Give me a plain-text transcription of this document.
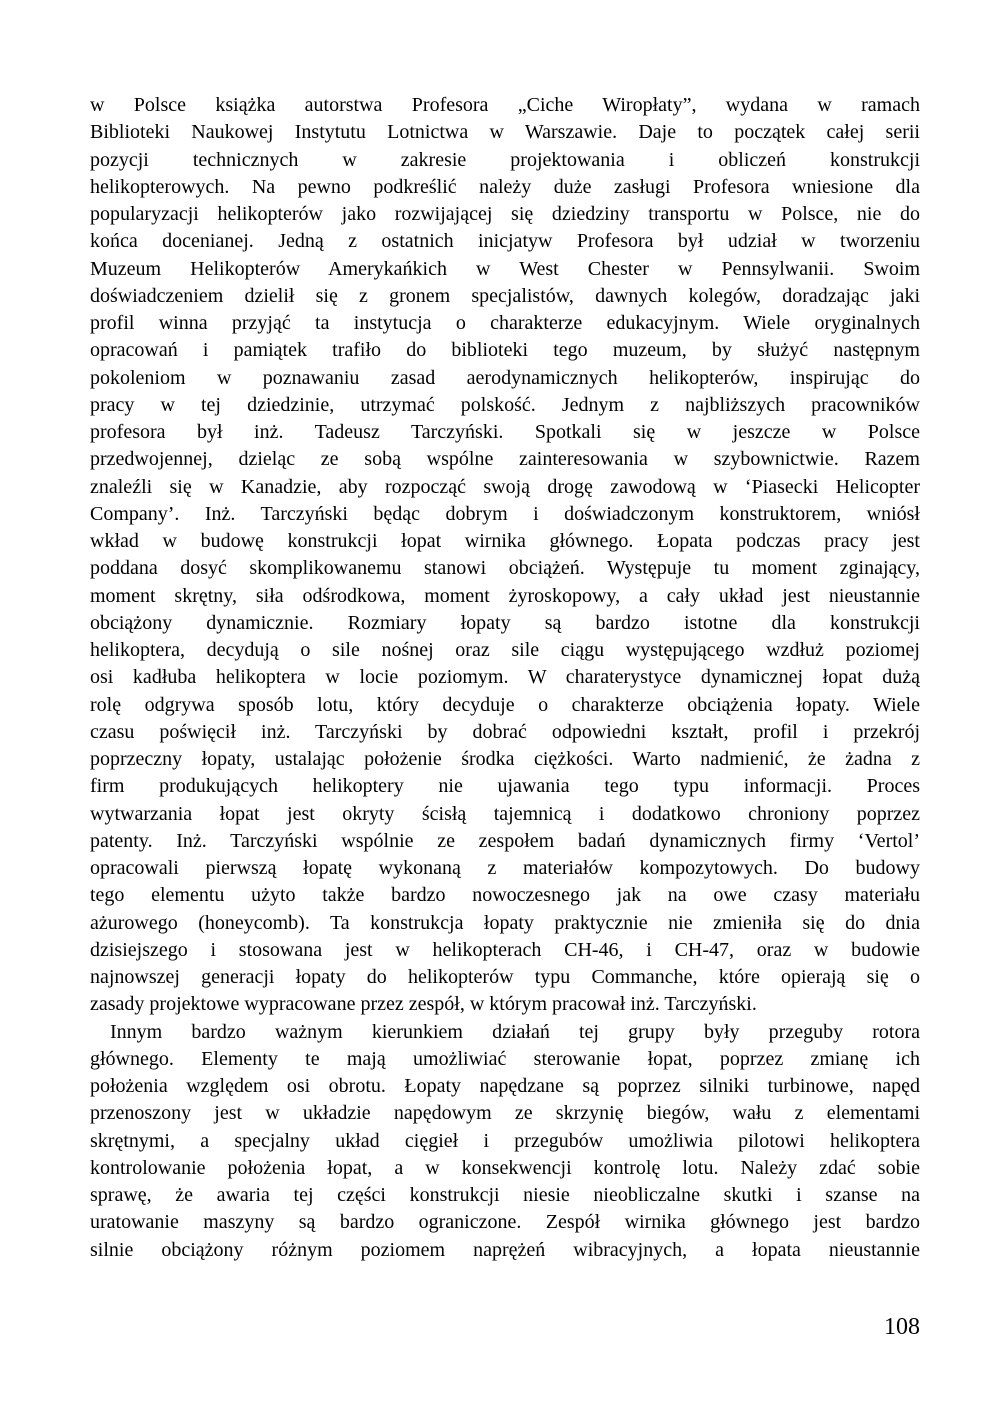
w Polsce książka autorstwa Profesora „Ciche Wiropłaty”, wydana w ramach
Biblioteki Naukowej Instytutu Lotnictwa w Warszawie. Daje to początek całej serii
pozycji technicznych w zakresie projektowania i obliczeń konstrukcji
helikopterowych. Na pewno podkreślić należy duże zasługi Profesora wniesione dla
popularyzacji helikopterów jako rozwijającej się dziedziny transportu w Polsce, nie do
końca docenianej. Jedną z ostatnich inicjatyw Profesora był udział w tworzeniu
Muzeum Helikopterów Amerykańkich w West Chester w Pennsylwanii. Swoim
doświadczeniem dzielił się z gronem specjalistów, dawnych kolegów, doradzając jaki
profil winna przyjąć ta instytucja o charakterze edukacyjnym. Wiele oryginalnych
opracowań i pamiątek trafiło do biblioteki tego muzeum, by służyć następnym
pokoleniom w poznawaniu zasad aerodynamicznych helikopterów, inspirując do
pracy w tej dziedzinie, utrzymać polskość. Jednym z najbliższych pracowników
profesora był inż. Tadeusz Tarczyński. Spotkali się w jeszcze w Polsce
przedwojennej, dzieląc ze sobą wspólne zainteresowania w szybownictwie. Razem
znaleźli się w Kanadzie, aby rozpocząć swoją drogę zawodową w ‘Piasecki Helicopter
Company’. Inż. Tarczyński będąc dobrym i doświadczonym konstruktorem, wniósł
wkład w budowę konstrukcji łopat wirnika głównego. Łopata podczas pracy jest
poddana dosyć skomplikowanemu stanowi obciążeń. Występuje tu moment zginający,
moment skrętny, siła odśrodkowa, moment żyroskopowy, a cały układ jest nieustannie
obciążony dynamicznie. Rozmiary łopaty są bardzo istotne dla konstrukcji
helikoptera, decydują o sile nośnej oraz sile ciągu występującego wzdłuż poziomej
osi kadłuba helikoptera w locie poziomym. W charaterystyce dynamicznej łopat dużą
rolę odgrywa sposób lotu, który decyduje o charakterze obciążenia łopaty. Wiele
czasu poświęcił inż. Tarczyński by dobrać odpowiedni kształt, profil i przekrój
poprzeczny łopaty, ustalając położenie środka ciężkości. Warto nadmienić, że żadna z
firm produkujących helikoptery nie ujawania tego typu informacji. Proces
wytwarzania łopat jest okryty ścisłą tajemnicą i dodatkowo chroniony poprzez
patenty. Inż. Tarczyński wspólnie ze zespołem badań dynamicznych firmy ‘Vertol’
opracowali pierwszą łopatę wykonaną z materiałów kompozytowych. Do budowy
tego elementu użyto także bardzo nowoczesnego jak na owe czasy materiału
ażurowego (honeycomb). Ta konstrukcja łopaty praktycznie nie zmieniła się do dnia
dzisiejszego i stosowana jest w helikopterach CH-46, i CH-47, oraz w budowie
najnowszej generacji łopaty do helikopterów typu Commanche, które opierają się o
zasady projektowe wypracowane przez zespół, w którym pracował inż. Tarczyński.
Innym bardzo ważnym kierunkiem działań tej grupy były przeguby rotora
głównego. Elementy te mają umożliwiać sterowanie łopat, poprzez zmianę ich
położenia względem osi obrotu. Łopaty napędzane są poprzez silniki turbinowe, napęd
przenoszony jest w układzie napędowym ze skrzynię biegów, wału z elementami
skrętnymi, a specjalny układ cięgieł i przegubów umożliwia pilotowi helikoptera
kontrolowanie położenia łopat, a w konsekwencji kontrolę lotu. Należy zdać sobie
sprawę, że awaria tej części konstrukcji niesie nieobliczalne skutki i szanse na
uratowanie maszyny są bardzo ograniczone. Zespół wirnika głównego jest bardzo
silnie obciążony różnym poziomem naprężeń wibracyjnych, a łopata nieustannie
108
